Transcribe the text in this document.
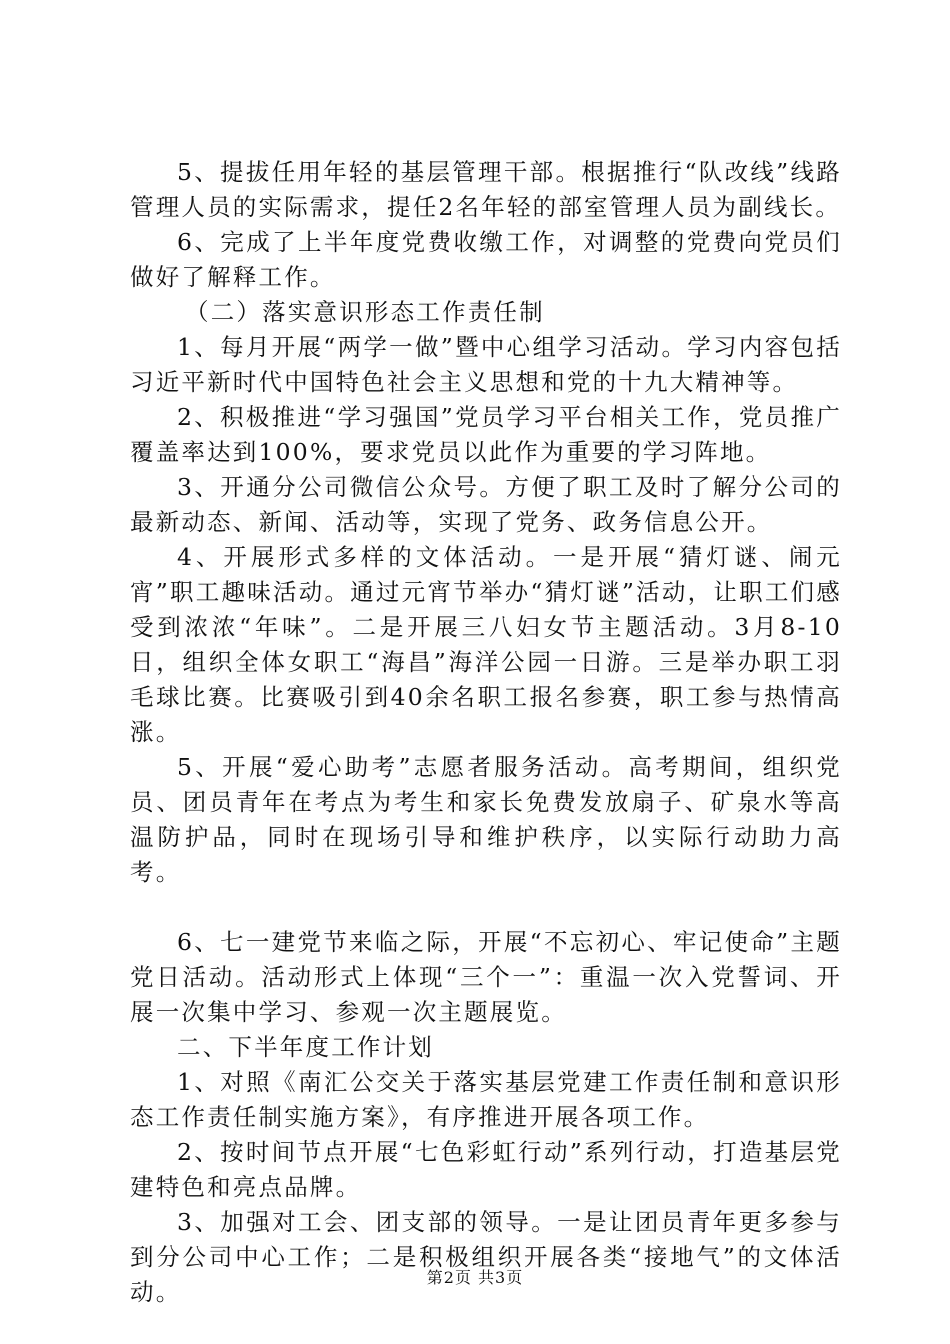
5、提拔任用年轻的基层管理干部。根据推行“队改线”线路管理人员的实际需求，提任2名年轻的部室管理人员为副线长。

6、完成了上半年度党费收缴工作，对调整的党费向党员们做好了解释工作。

（二）落实意识形态工作责任制

1、每月开展“两学一做”暨中心组学习活动。学习内容包括习近平新时代中国特色社会主义思想和党的十九大精神等。

2、积极推进“学习强国”党员学习平台相关工作，党员推广覆盖率达到100%，要求党员以此作为重要的学习阵地。

3、开通分公司微信公众号。方便了职工及时了解分公司的最新动态、新闻、活动等，实现了党务、政务信息公开。

4、开展形式多样的文体活动。一是开展“猜灯谜、闹元宵”职工趣味活动。通过元宵节举办“猜灯谜”活动，让职工们感受到浓浓“年味”。二是开展三八妇女节主题活动。3月8-10日，组织全体女职工“海昌”海洋公园一日游。三是举办职工羽毛球比赛。比赛吸引到40余名职工报名参赛，职工参与热情高涨。

5、开展“爱心助考”志愿者服务活动。高考期间，组织党员、团员青年在考点为考生和家长免费发放扇子、矿泉水等高温防护品，同时在现场引导和维护秩序，以实际行动助力高考。

6、七一建党节来临之际，开展“不忘初心、牢记使命”主题党日活动。活动形式上体现“三个一”：重温一次入党誓词、开展一次集中学习、参观一次主题展览。

二、下半年度工作计划

1、对照《南汇公交关于落实基层党建工作责任制和意识形态工作责任制实施方案》，有序推进开展各项工作。

2、按时间节点开展“七色彩虹行动”系列行动，打造基层党建特色和亮点品牌。

3、加强对工会、团支部的领导。一是让团员青年更多参与到分公司中心工作；二是积极组织开展各类“接地气”的文体活动。

第2页 共3页
